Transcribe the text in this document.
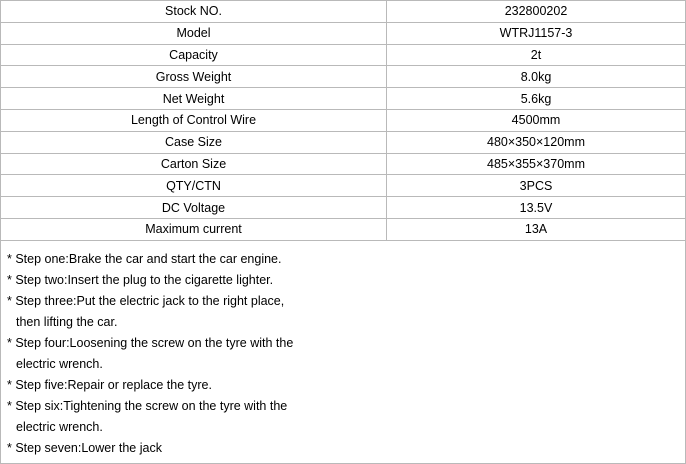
Stock NO.	232800202
Model	WTRJ1157-3
Capacity	2t
Gross Weight	8.0kg
Net Weight	5.6kg
Length of Control Wire	4500mm
Case Size	480×350×120mm
Carton Size	485×355×370mm
QTY/CTN	3PCS
DC Voltage	13.5V
Maximum current	13A
* Step one:Brake the car and start the car engine.
* Step two:Insert the plug to the cigarette lighter.
* Step three:Put the electric jack to the right place,
then lifting the car.
* Step four:Loosening the screw on the tyre with the
electric wrench.
* Step five:Repair or replace the tyre.
* Step six:Tightening the screw on the tyre with the
electric wrench.
* Step seven:Lower the jack
